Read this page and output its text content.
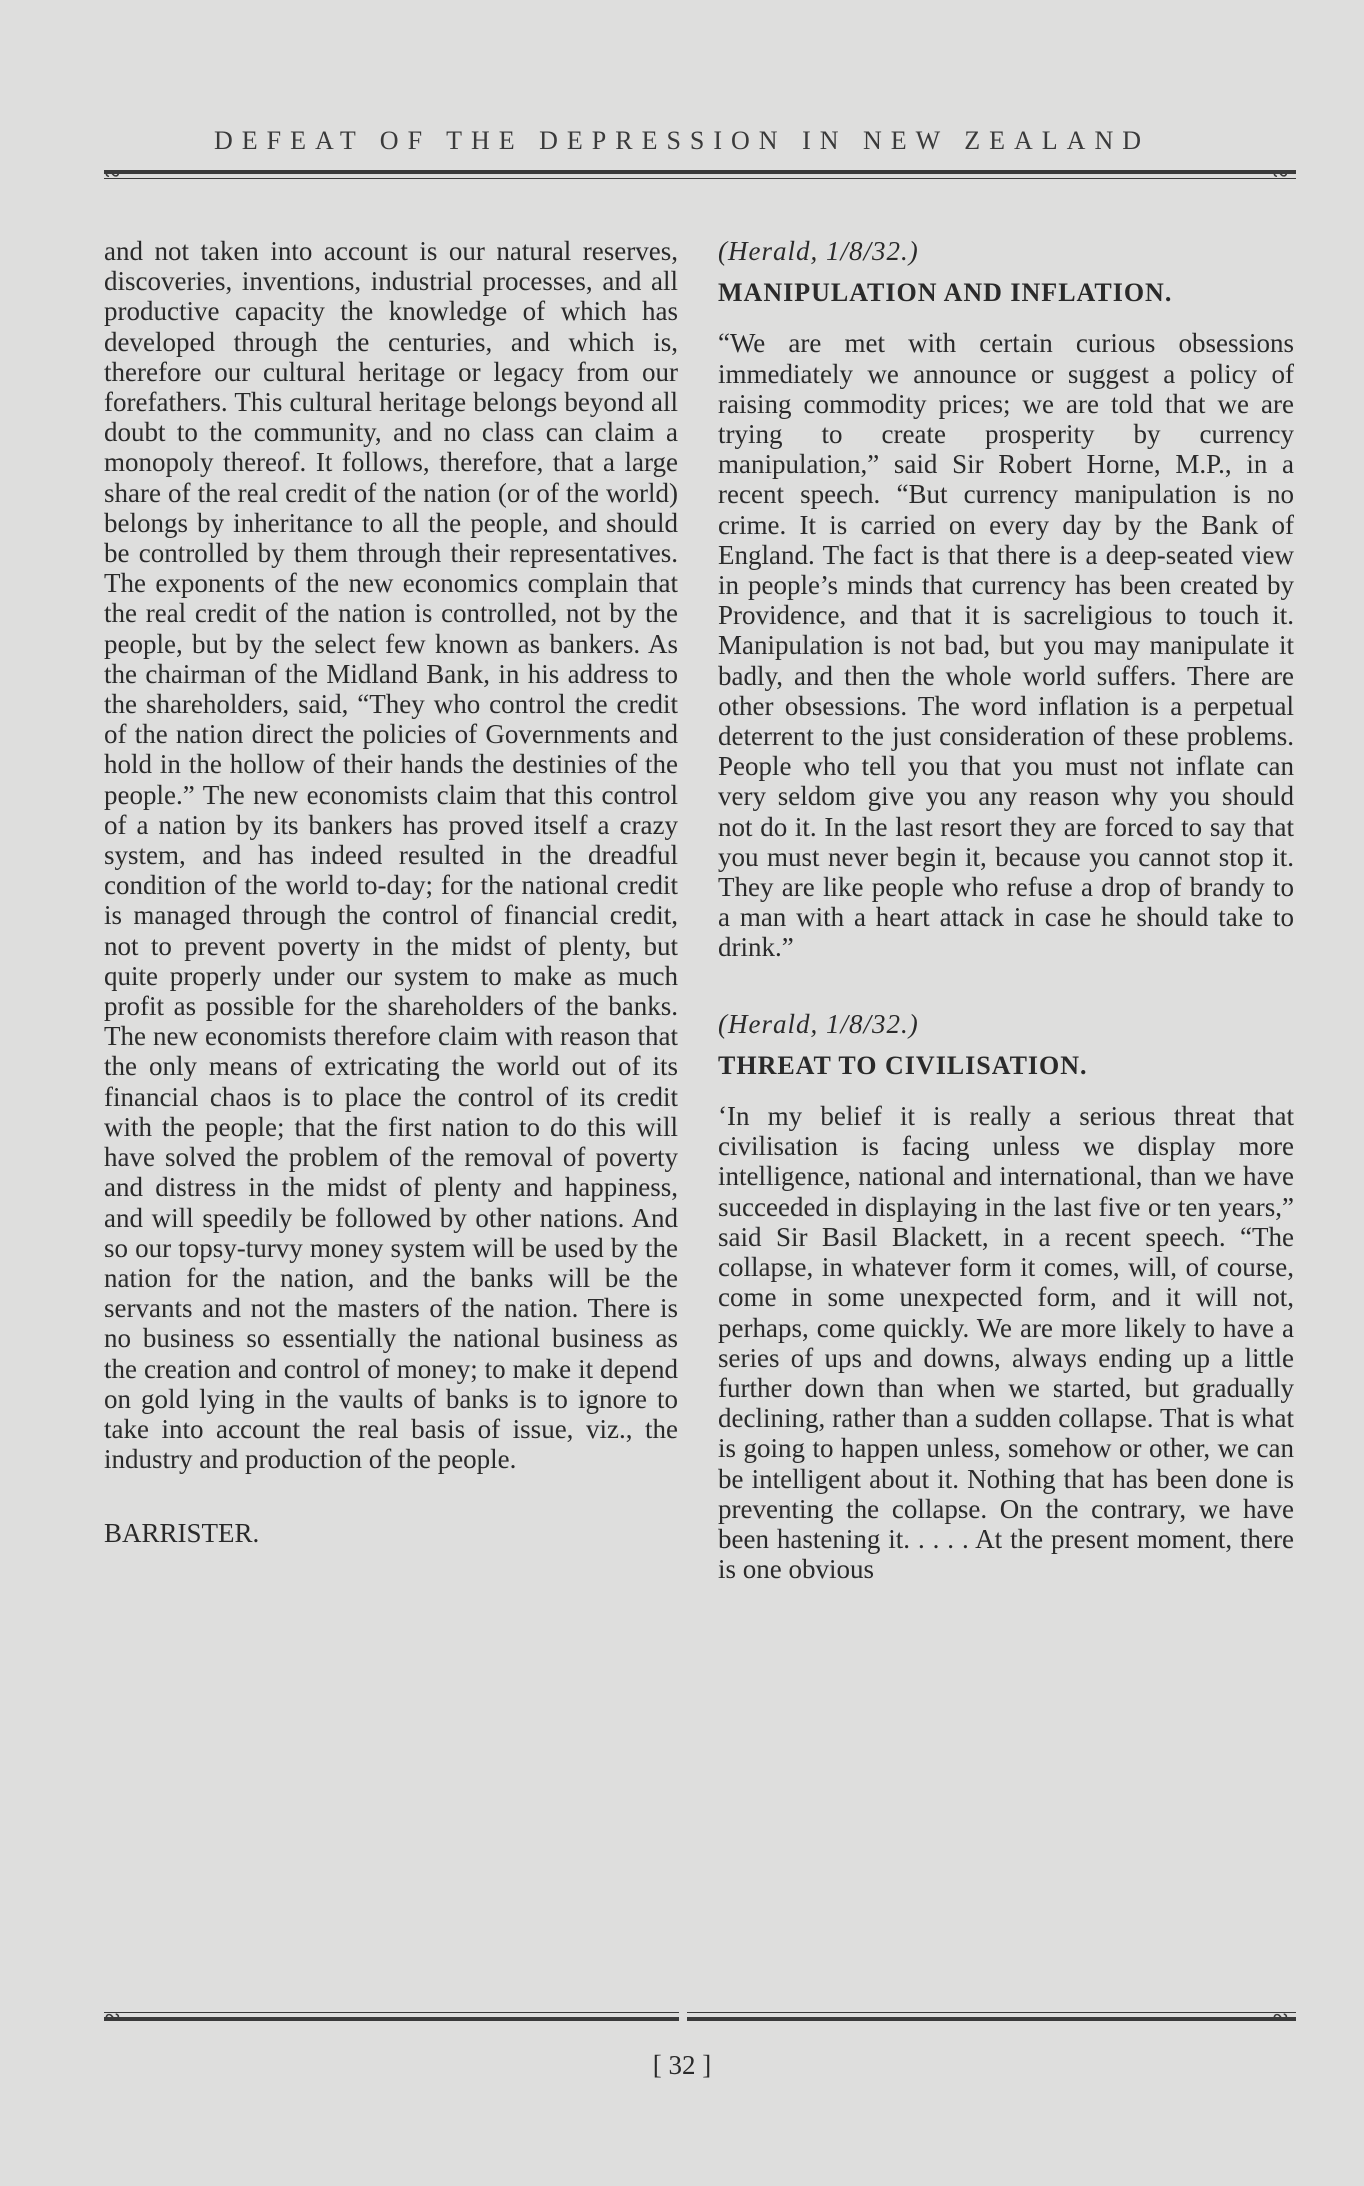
DEFEAT OF THE DEPRESSION IN NEW ZEALAND
∾	∾

and not taken into account is our natural reserves, discoveries, inventions, industrial processes, and all productive capacity the knowledge of which has developed through the centuries, and which is, therefore our cultural heritage or legacy from our forefathers. This cultural heritage belongs beyond all doubt to the community, and no class can claim a monopoly thereof. It follows, therefore, that a large share of the real credit of the nation (or of the world) belongs by inheritance to all the people, and should be controlled by them through their representatives. The exponents of the new economics complain that the real credit of the nation is controlled, not by the people, but by the select few known as bankers. As the chairman of the Midland Bank, in his address to the shareholders, said, “They who control the credit of the nation direct the policies of Governments and hold in the hollow of their hands the destinies of the people.” The new economists claim that this control of a nation by its bankers has proved itself a crazy system, and has indeed resulted in the dreadful condition of the world to-day; for the national credit is managed through the control of financial credit, not to prevent poverty in the midst of plenty, but quite properly under our system to make as much profit as possible for the shareholders of the banks. The new economists therefore claim with reason that the only means of extricating the world out of its financial chaos is to place the control of its credit with the people; that the first nation to do this will have solved the problem of the removal of poverty and distress in the midst of plenty and happiness, and will speedily be followed by other nations. And so our topsy-turvy money system will be used by the nation for the nation, and the banks will be the servants and not the masters of the nation. There is no business so essentially the national business as the creation and control of money; to make it depend on gold lying in the vaults of banks is to ignore to take into account the real basis of issue, viz., the industry and production of the people.

BARRISTER.

(Herald, 1/8/32.)

MANIPULATION AND INFLATION.

“We are met with certain curious obsessions immediately we announce or suggest a policy of raising commodity prices; we are told that we are trying to create prosperity by currency manipulation,” said Sir Robert Horne, M.P., in a recent speech. “But currency manipulation is no crime. It is carried on every day by the Bank of England. The fact is that there is a deep-seated view in people’s minds that currency has been created by Providence, and that it is sacreligious to touch it. Manipulation is not bad, but you may manipulate it badly, and then the whole world suffers. There are other obsessions. The word inflation is a perpetual deterrent to the just consideration of these problems. People who tell you that you must not inflate can very seldom give you any reason why you should not do it. In the last resort they are forced to say that you must never begin it, because you cannot stop it. They are like people who refuse a drop of brandy to a man with a heart attack in case he should take to drink.”

(Herald, 1/8/32.)

THREAT TO CIVILISATION.

‘In my belief it is really a serious threat that civilisation is facing unless we display more intelligence, national and international, than we have succeeded in displaying in the last five or ten years,” said Sir Basil Blackett, in a recent speech. “The collapse, in whatever form it comes, will, of course, come in some unexpected form, and it will not, perhaps, come quickly. We are more likely to have a series of ups and downs, always ending up a little further down than when we started, but gradually declining, rather than a sudden collapse. That is what is going to happen unless, somehow or other, we can be intelligent about it. Nothing that has been done is preventing the collapse. On the contrary, we have been hastening it. . . . . At the present moment, there is one obvious

∾	∾
[ 32 ]
